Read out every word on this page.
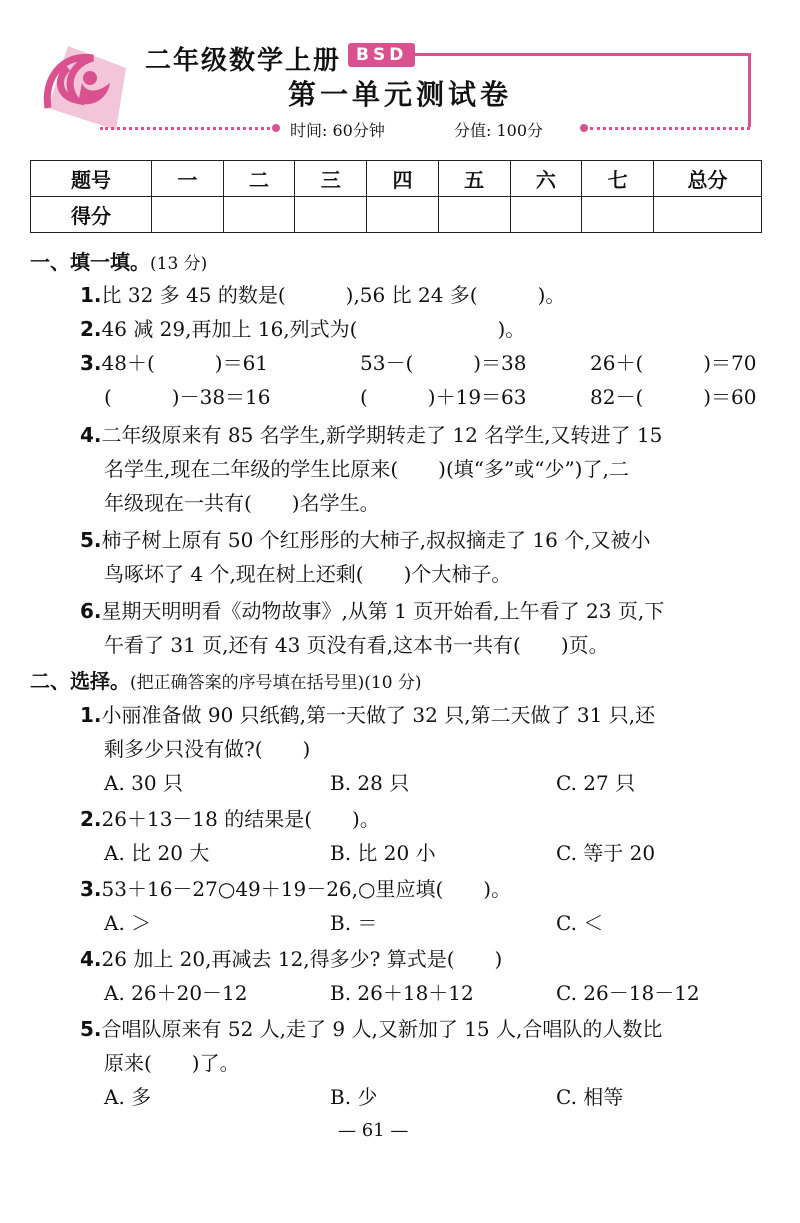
二年级数学上册 BSD
第一单元测试卷
时间: 60分钟	分值: 100分
题号	一	二	三	四	五	六	七	总分
得分								
一、填一填。(13 分)
1.比 32 多 45 的数是(　　　),56 比 24 多(　　　)。
2.46 减 29,再加上 16,列式为(　　　　　　　)。
3.48＋(　　　)＝61	53－(　　　)＝38	26＋(　　　)＝70
(　　　)－38＝16	(　　　)＋19＝63	82－(　　　)＝60
4.二年级原来有 85 名学生,新学期转走了 12 名学生,又转进了 15
名学生,现在二年级的学生比原来(　　)(填“多”或“少”)了,二
年级现在一共有(　　)名学生。
5.柿子树上原有 50 个红彤彤的大柿子,叔叔摘走了 16 个,又被小
鸟啄坏了 4 个,现在树上还剩(　　)个大柿子。
6.星期天明明看《动物故事》,从第 1 页开始看,上午看了 23 页,下
午看了 31 页,还有 43 页没有看,这本书一共有(　　)页。
二、选择。(把正确答案的序号填在括号里)(10 分)
1.小丽准备做 90 只纸鹤,第一天做了 32 只,第二天做了 31 只,还
剩多少只没有做?(　　)
A. 30 只	B. 28 只	C. 27 只
2.26＋13－18 的结果是(　　)。
A. 比 20 大	B. 比 20 小	C. 等于 20
3.53＋16－27○49＋19－26,○里应填(　　)。
A. ＞	B. ＝	C. ＜
4.26 加上 20,再减去 12,得多少? 算式是(　　)
A. 26＋20－12	B. 26＋18＋12	C. 26－18－12
5.合唱队原来有 52 人,走了 9 人,又新加了 15 人,合唱队的人数比
原来(　　)了。
A. 多	B. 少	C. 相等
— 61 —
